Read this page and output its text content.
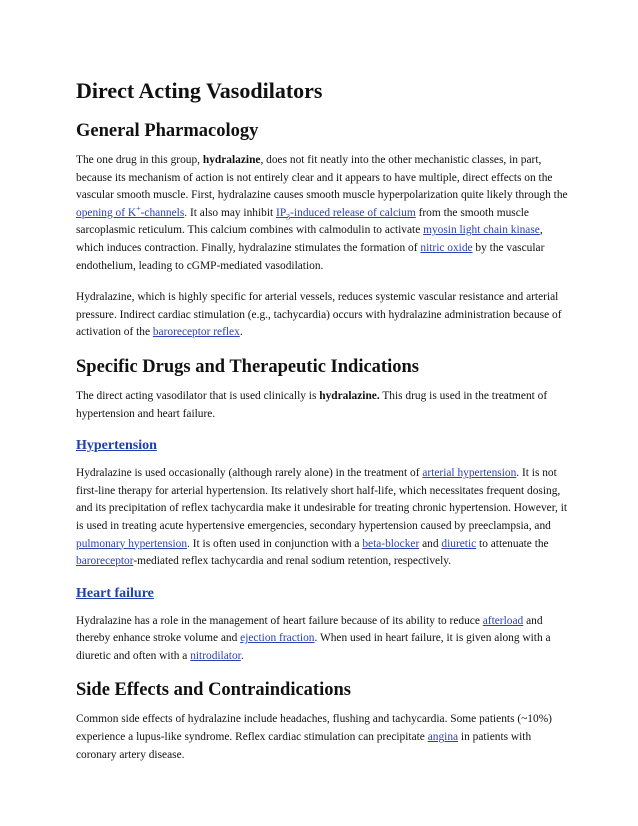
Direct Acting Vasodilators
General Pharmacology

The one drug in this group, hydralazine, does not fit neatly into the other mechanistic classes, in part, because its mechanism of action is not entirely clear and it appears to have multiple, direct effects on the vascular smooth muscle. First, hydralazine causes smooth muscle hyperpolarization quite likely through the opening of K+-channels. It also may inhibit $IP_3$-induced release of calcium from the smooth muscle sarcoplasmic reticulum. This calcium combines with calmodulin to activate myosin light chain kinase, which induces contraction. Finally, hydralazine stimulates the formation of nitric oxide by the vascular endothelium, leading to cGMP-mediated vasodilation.

Hydralazine, which is highly specific for arterial vessels, reduces systemic vascular resistance and arterial pressure. Indirect cardiac stimulation (e.g., tachycardia) occurs with hydralazine administration because of activation of the baroreceptor reflex.

Specific Drugs and Therapeutic Indications

The direct acting vasodilator that is used clinically is hydralazine. This drug is used in the treatment of hypertension and heart failure.

Hypertension

Hydralazine is used occasionally (although rarely alone) in the treatment of arterial hypertension. It is not first-line therapy for arterial hypertension. Its relatively short half-life, which necessitates frequent dosing, and its precipitation of reflex tachycardia make it undesirable for treating chronic hypertension. However, it is used in treating acute hypertensive emergencies, secondary hypertension caused by preeclampsia, and pulmonary hypertension. It is often used in conjunction with a beta-blocker and diuretic to attenuate the baroreceptor-mediated reflex tachycardia and renal sodium retention, respectively.

Heart failure

Hydralazine has a role in the management of heart failure because of its ability to reduce afterload and thereby enhance stroke volume and ejection fraction. When used in heart failure, it is given along with a diuretic and often with a nitrodilator.

Side Effects and Contraindications

Common side effects of hydralazine include headaches, flushing and tachycardia. Some patients (~10%) experience a lupus-like syndrome. Reflex cardiac stimulation can precipitate angina in patients with coronary artery disease.
